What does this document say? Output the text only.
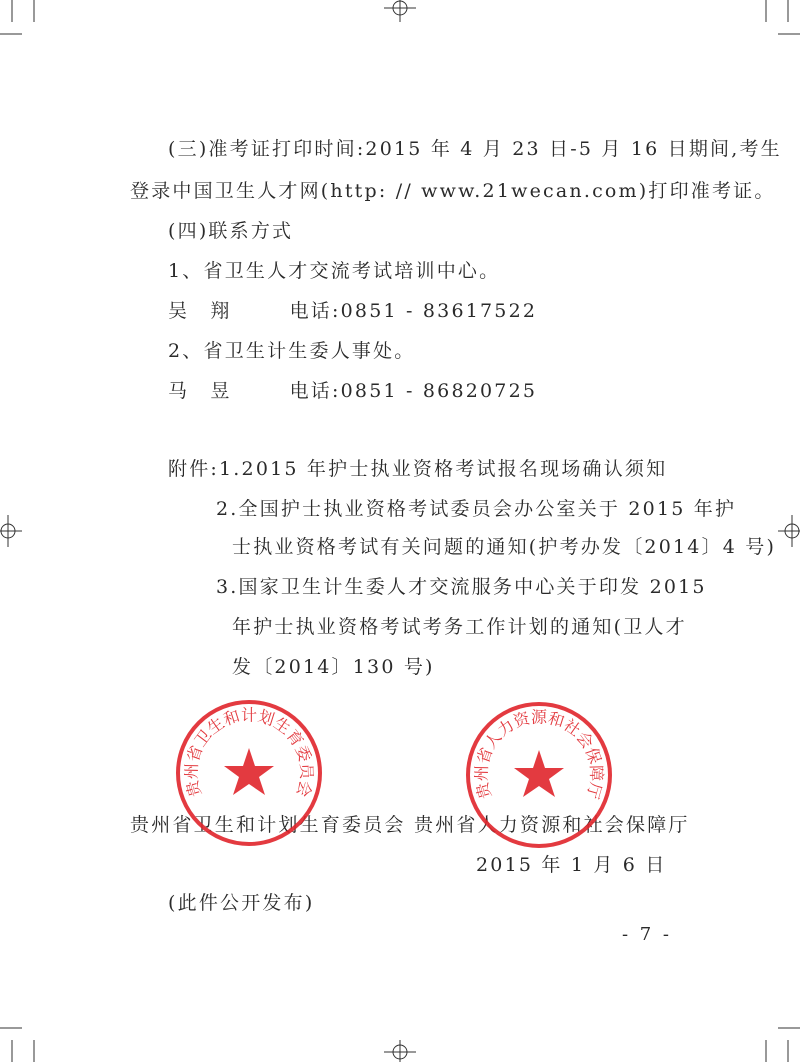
(三)准考证打印时间:2015 年 4 月 23 日-5 月 16 日期间,考生

登录中国卫生人才网(http: // www.21wecan.com)打印准考证。

(四)联系方式

1、省卫生人才交流考试培训中心。

吴　翔	电话:0851 - 83617522

2、省卫生计生委人事处。

马　昱	电话:0851 - 86820725

附件:1.2015 年护士执业资格考试报名现场确认须知

2.全国护士执业资格考试委员会办公室关于 2015 年护

士执业资格考试有关问题的通知(护考办发〔2014〕4 号)

3.国家卫生计生委人才交流服务中心关于印发 2015

年护士执业资格考试考务工作计划的通知(卫人才

发〔2014〕130 号)

贵州省卫生和计划生育委员会 贵州省人力资源和社会保障厅

2015 年 1 月 6 日

贵州省卫生和计划生育委员会	贵州省人力资源和社会保障厅

(此件公开发布)

- 7 -
